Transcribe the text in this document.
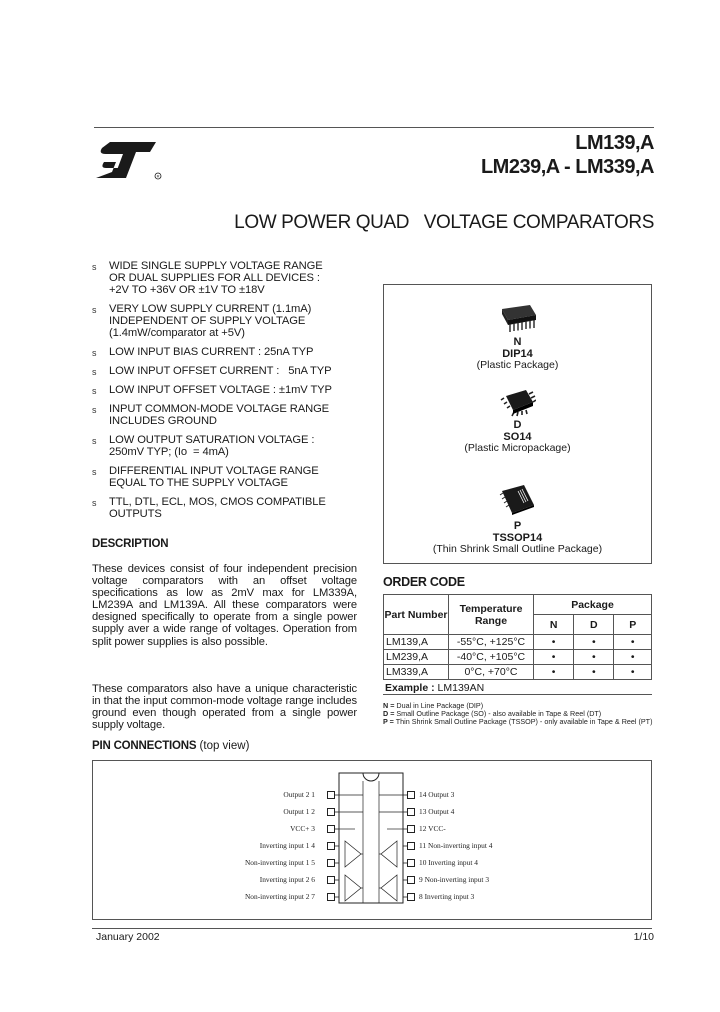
R
LM139,A
LM239,A - LM339,A
LOW POWER QUAD   VOLTAGE COMPARATORS
s WIDE SINGLE SUPPLY VOLTAGE RANGE
OR DUAL SUPPLIES FOR ALL DEVICES :
+2V TO +36V OR ±1V TO ±18V
s VERY LOW SUPPLY CURRENT (1.1mA)
INDEPENDENT OF SUPPLY VOLTAGE
(1.4mW/comparator at +5V)
s LOW INPUT BIAS CURRENT : 25nA TYP
s LOW INPUT OFFSET CURRENT :   5nA TYP
s LOW INPUT OFFSET VOLTAGE : ±1mV TYP
s INPUT COMMON-MODE VOLTAGE RANGE
INCLUDES GROUND
s LOW OUTPUT SATURATION VOLTAGE :
250mV TYP; (Io  = 4mA)
s DIFFERENTIAL INPUT VOLTAGE RANGE
EQUAL TO THE SUPPLY VOLTAGE
s TTL, DTL, ECL, MOS, CMOS COMPATIBLE
OUTPUTS
DESCRIPTION
These devices consist of four independent precision voltage comparators with an offset voltage specifications as low as 2mV max for LM339A, LM239A and LM139A. All these comparators were designed specifically to operate from a single power supply aver a wide range of voltages. Operation from split power supplies is also possible.
These comparators also have a unique characteristic in that the input common-mode voltage range includes ground even though operated from a single power supply voltage.
N
DIP14
(Plastic Package)
D
SO14
(Plastic Micropackage)
P
TSSOP14
(Thin Shrink Small Outline Package)
ORDER CODE
Part Number	Temperature Range	Package		
		N	D	P
LM139,A	-55°C, +125°C	•	•	•
LM239,A	-40°C, +105°C	•	•	•
LM339,A	0°C, +70°C	•	•	•
Example : LM139AN
N = Dual in Line Package (DIP)
D = Small Outline Package (SO) - also available in Tape & Reel (DT)
P = Thin Shrink Small Outline Package (TSSOP) - only available in Tape & Reel (PT)
PIN CONNECTIONS (top view)
Output 2 1
Output 1 2
VCC+ 3
Inverting input 1 4
Non-inverting input 1 5
Inverting input 2 6
Non-inverting input 2 7
14 Output 3
13 Output 4
12 VCC-
11 Non-inverting input 4
10 Inverting input 4
9 Non-inverting input 3
8 Inverting input 3
January 2002	1/10
